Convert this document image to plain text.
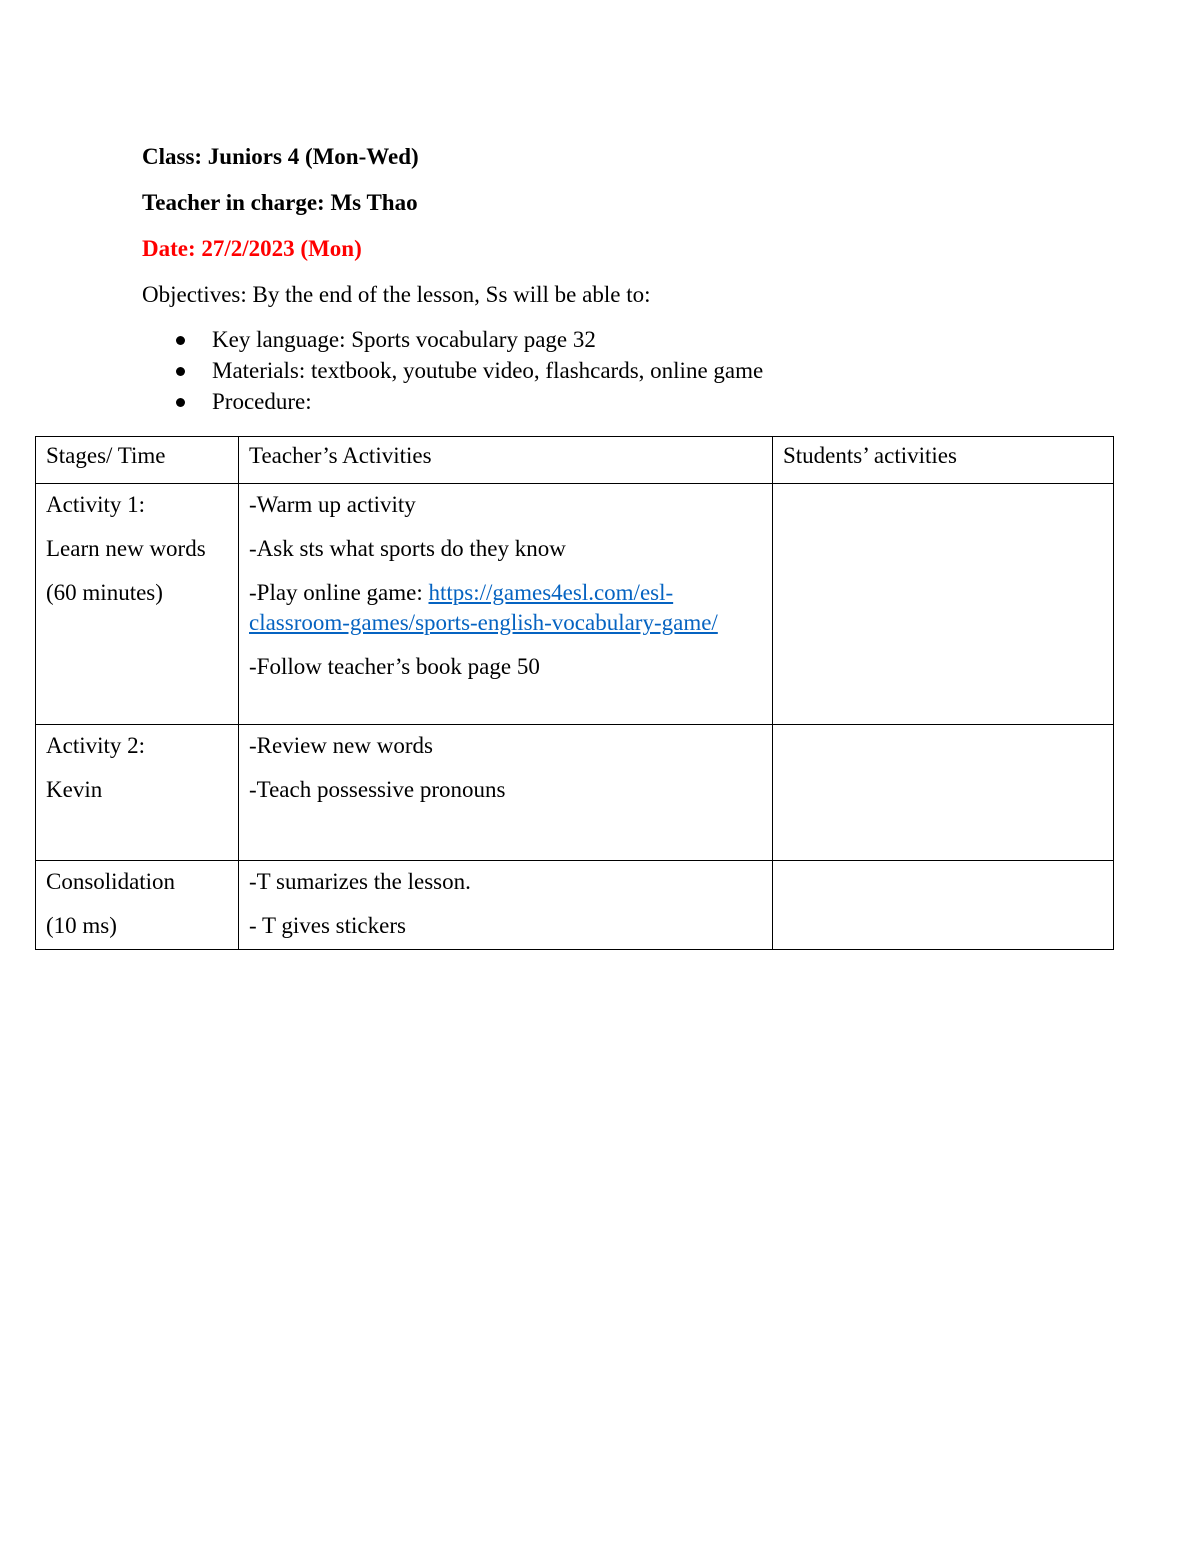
Class: Juniors 4 (Mon-Wed)

Teacher in charge: Ms Thao

Date: 27/2/2023 (Mon)

Objectives: By the end of the lesson, Ss will be able to:

Key language: Sports vocabulary page 32
Materials: textbook, youtube video, flashcards, online game
Procedure:
Stages/ Time	Teacher’s Activities	Students’ activities

Activity 1:
Learn new words
(60 minutes)	-Warm up activity
-Ask sts what sports do they know
-Play online game: https://games4esl.com/esl-classroom-games/sports-english-vocabulary-game/
-Follow teacher’s book page 50	

Activity 2:
Kevin	-Review new words
-Teach possessive pronouns	

Consolidation
(10 ms)	-T sumarizes the lesson.
- T gives stickers	
